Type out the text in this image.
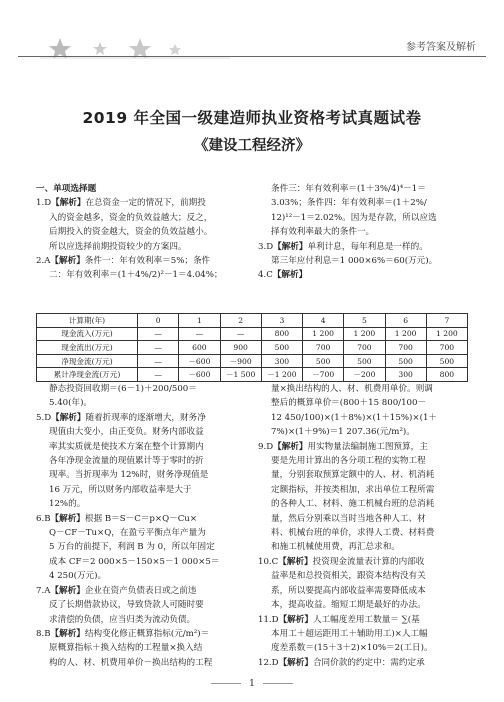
参考答案及解析
2019 年全国一级建造师执业资格考试真题试卷
《建设工程经济》

一、单项选择题

1.D【解析】在总资金一定的情况下，前期投

入的资金越多，资金的负效益越大；反之，

后期投入的资金越大，资金的负效益越小。

所以应选择前期投资较少的方案四。

2.A【解析】条件一：年有效利率＝5%；条件

二：年有效利率＝(1＋4%/2)²－1＝4.04%；

条件三：年有效利率＝(1＋3%/4)⁴－1＝

3.03%；条件四：年有效利率＝(1＋2%/

12)¹²－1＝2.02%。因为是存款，所以应选

择有效利率最大的条件一。

3.D【解析】单利计息，每年利息是一样的。

第三年应付利息＝1 000×6%＝60(万元)。

4.C【解析】

计算期(年)	0	1	2	3	4	5	6	7
现金流入(万元)	—	—	—	800	1 200	1 200	1 200	1 200
现金流出(万元)	—	600	900	500	700	700	700	700
净现金流(万元)	—	－600	－900	300	500	500	500	500
累计净现金流(万元)	—	－600	－1 500	－1 200	－700	－200	300	800

静态投资回收期＝(6－1)＋200/500＝

5.40(年)。

5.D【解析】随着折现率的逐渐增大，财务净

现值由大变小，由正变负。财务内部收益

率其实质就是使技术方案在整个计算期内

各年净现金流量的现值累计等于零时的折

现率。当折现率为 12%时，财务净现值是

16 万元，所以财务内部收益率是大于

12%的。

6.B【解析】根据 B＝S－C＝p×Q－Cu×

Q－CF－Tu×Q，在盈亏平衡点年产量为

5 万台的前提下，利润 B 为 0，所以年固定

成本 CF＝2 000×5－150×5－1 000×5＝

4 250(万元)。

7.A【解析】企业在资产负债表日或之前违

反了长期借款协议，导致贷款人可随时要

求清偿的负债，应当归类为流动负债。

8.B【解析】结构变化修正概算指标(元/m²)＝

原概算指标＋换入结构的工程量×换入结

构的人、材、机费用单价－换出结构的工程

量×换出结构的人、材、机费用单价。则调

整后的概算单价＝(800＋15 800/100－

12 450/100)×(1＋8%)×(1＋15%)×(1＋

7%)×(1＋9%)＝1 207.36(元/m²)。

9.D【解析】用实物量法编制施工图预算，主

要是先用计算出的各分项工程的实物工程

量，分别套取预算定额中的人、材、机消耗

定额指标，并按类相加，求出单位工程所需

的各种人工、材料、施工机械台班的总消耗

量，然后分别乘以当时当地各种人工、材

料、机械台班的单价，求得人工费、材料费

和施工机械使用费，再汇总求和。

10.C【解析】投资现金流量表计算的内部收

益率是和总投资相关，跟资本结构没有关

系，所以要提高内部收益率需要降低成本

本，提高收益。缩短工期是最好的办法。

11.D【解析】人工幅度差用工数量＝ ∑(基

本用工＋超运距用工＋辅助用工)×人工幅

度差系数＝(15＋3＋2)×10%＝2(工日)。

12.D【解析】合同价款的约定中：需约定承

1
